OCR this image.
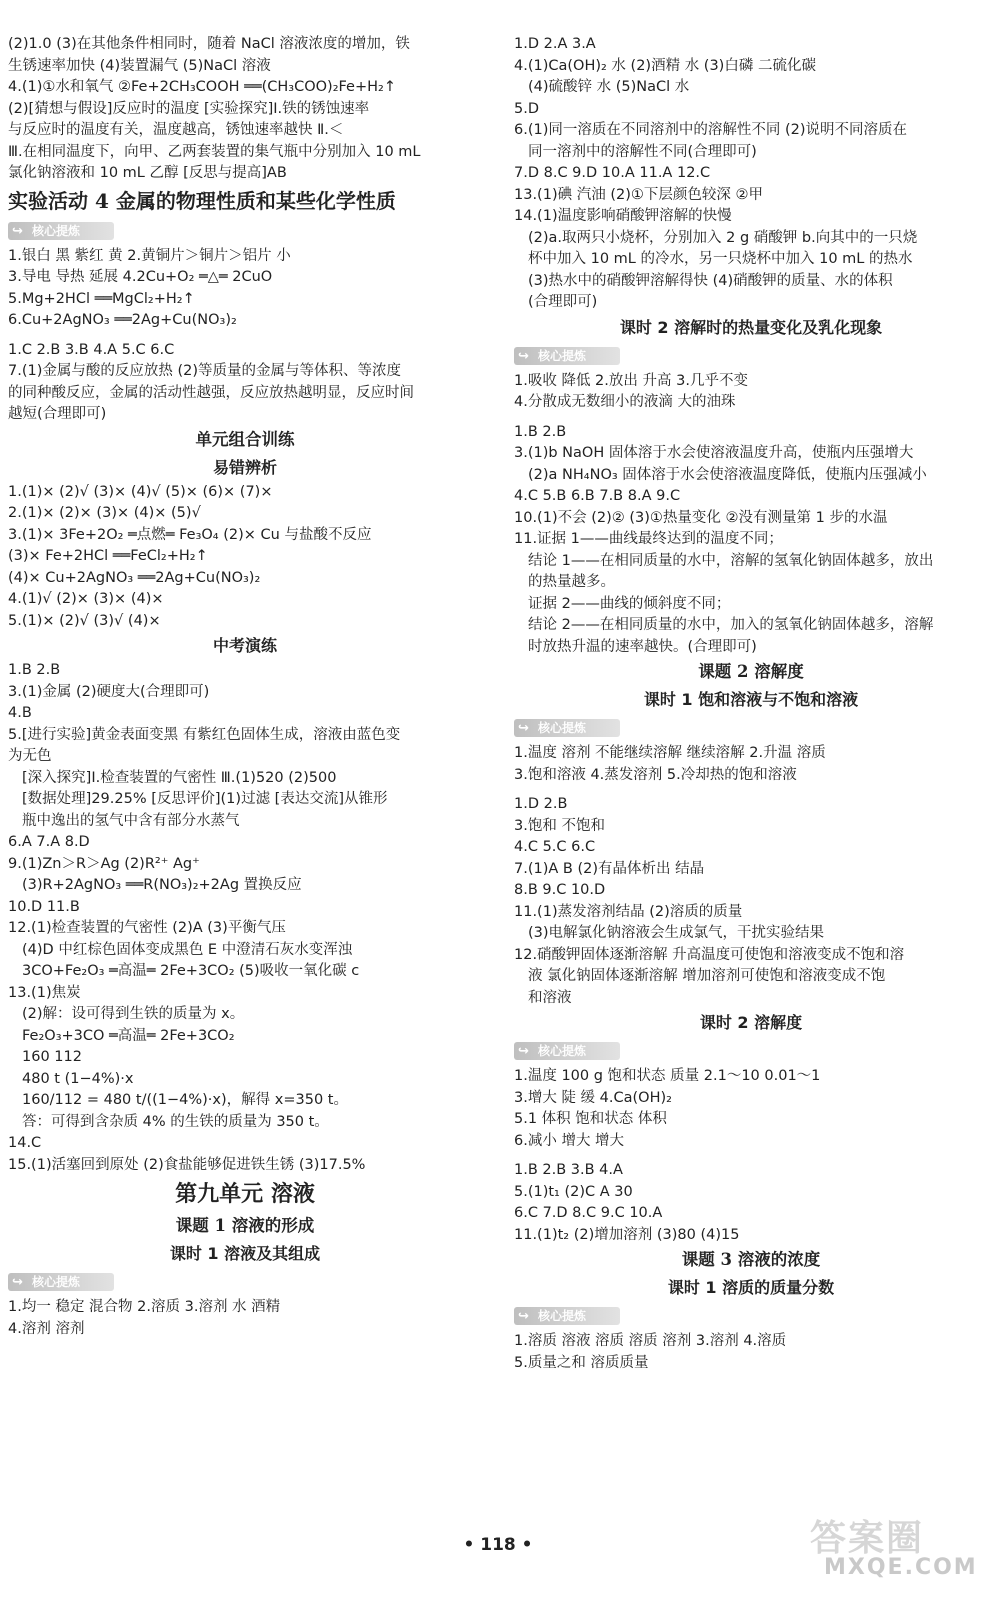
(2)1.0 (3)在其他条件相同时，随着 NaCl 溶液浓度的增加，铁
生锈速率加快 (4)装置漏气 (5)NaCl 溶液
4.(1)①水和氧气 ②Fe+2CH₃COOH ══(CH₃COO)₂Fe+H₂↑
(2)[猜想与假设]反应时的温度 [实验探究]Ⅰ.铁的锈蚀速率
与反应时的温度有关，温度越高，锈蚀速率越快 Ⅱ.＜
Ⅲ.在相同温度下，向甲、乙两套装置的集气瓶中分别加入 10 mL
氯化钠溶液和 10 mL 乙醇 [反思与提高]AB
实验活动 4 金属的物理性质和某些化学性质
↪ 核心提炼
1.银白 黑 紫红 黄 2.黄铜片＞铜片＞铝片 小
3.导电 导热 延展 4.2Cu+O₂ ═△═ 2CuO
5.Mg+2HCl ══MgCl₂+H₂↑
6.Cu+2AgNO₃ ══2Ag+Cu(NO₃)₂
1.C 2.B 3.B 4.A 5.C 6.C
7.(1)金属与酸的反应放热 (2)等质量的金属与等体积、等浓度
的同种酸反应，金属的活动性越强，反应放热越明显，反应时间
越短(合理即可)
单元组合训练
易错辨析
1.(1)× (2)√ (3)× (4)√ (5)× (6)× (7)×
2.(1)× (2)× (3)× (4)× (5)√
3.(1)× 3Fe+2O₂ ═点燃═ Fe₃O₄ (2)× Cu 与盐酸不反应
(3)× Fe+2HCl ══FeCl₂+H₂↑
(4)× Cu+2AgNO₃ ══2Ag+Cu(NO₃)₂
4.(1)√ (2)× (3)× (4)×
5.(1)× (2)√ (3)√ (4)×
中考演练
1.B 2.B
3.(1)金属 (2)硬度大(合理即可)
4.B
5.[进行实验]黄金表面变黑 有紫红色固体生成，溶液由蓝色变
为无色
[深入探究]Ⅰ.检查装置的气密性 Ⅲ.(1)520 (2)500
[数据处理]29.25% [反思评价](1)过滤 [表达交流]从锥形
瓶中逸出的氢气中含有部分水蒸气
6.A 7.A 8.D
9.(1)Zn＞R＞Ag (2)R²⁺ Ag⁺
(3)R+2AgNO₃ ══R(NO₃)₂+2Ag 置换反应
10.D 11.B
12.(1)检查装置的气密性 (2)A (3)平衡气压
(4)D 中红棕色固体变成黑色 E 中澄清石灰水变浑浊
3CO+Fe₂O₃ ═高温═ 2Fe+3CO₂ (5)吸收一氧化碳 c
13.(1)焦炭
(2)解：设可得到生铁的质量为 x。
Fe₂O₃+3CO ═高温═ 2Fe+3CO₂
160 112
480 t (1−4%)·x
160/112 = 480 t/((1−4%)·x)，解得 x=350 t。
答：可得到含杂质 4% 的生铁的质量为 350 t。
14.C
15.(1)活塞回到原处 (2)食盐能够促进铁生锈 (3)17.5%
第九单元 溶液
课题 1 溶液的形成
课时 1 溶液及其组成
↪ 核心提炼
1.均一 稳定 混合物 2.溶质 3.溶剂 水 酒精
4.溶剂 溶剂
1.D 2.A 3.A
4.(1)Ca(OH)₂ 水 (2)酒精 水 (3)白磷 二硫化碳
(4)硫酸锌 水 (5)NaCl 水
5.D
6.(1)同一溶质在不同溶剂中的溶解性不同 (2)说明不同溶质在
同一溶剂中的溶解性不同(合理即可)
7.D 8.C 9.D 10.A 11.A 12.C
13.(1)碘 汽油 (2)①下层颜色较深 ②甲
14.(1)温度影响硝酸钾溶解的快慢
(2)a.取两只小烧杯，分别加入 2 g 硝酸钾 b.向其中的一只烧
杯中加入 10 mL 的冷水，另一只烧杯中加入 10 mL 的热水
(3)热水中的硝酸钾溶解得快 (4)硝酸钾的质量、水的体积
(合理即可)
课时 2 溶解时的热量变化及乳化现象
↪ 核心提炼
1.吸收 降低 2.放出 升高 3.几乎不变
4.分散成无数细小的液滴 大的油珠
1.B 2.B
3.(1)b NaOH 固体溶于水会使溶液温度升高，使瓶内压强增大
(2)a NH₄NO₃ 固体溶于水会使溶液温度降低，使瓶内压强减小
4.C 5.B 6.B 7.B 8.A 9.C
10.(1)不会 (2)② (3)①热量变化 ②没有测量第 1 步的水温
11.证据 1——曲线最终达到的温度不同；
结论 1——在相同质量的水中，溶解的氢氧化钠固体越多，放出
的热量越多。
证据 2——曲线的倾斜度不同；
结论 2——在相同质量的水中，加入的氢氧化钠固体越多，溶解
时放热升温的速率越快。(合理即可)
课题 2 溶解度
课时 1 饱和溶液与不饱和溶液
↪ 核心提炼
1.温度 溶剂 不能继续溶解 继续溶解 2.升温 溶质
3.饱和溶液 4.蒸发溶剂 5.冷却热的饱和溶液
1.D 2.B
3.饱和 不饱和
4.C 5.C 6.C
7.(1)A B (2)有晶体析出 结晶
8.B 9.C 10.D
11.(1)蒸发溶剂结晶 (2)溶质的质量
(3)电解氯化钠溶液会生成氯气，干扰实验结果
12.硝酸钾固体逐渐溶解 升高温度可使饱和溶液变成不饱和溶
液 氯化钠固体逐渐溶解 增加溶剂可使饱和溶液变成不饱
和溶液
课时 2 溶解度
↪ 核心提炼
1.温度 100 g 饱和状态 质量 2.1～10 0.01～1
3.增大 陡 缓 4.Ca(OH)₂
5.1 体积 饱和状态 体积
6.减小 增大 增大
1.B 2.B 3.B 4.A
5.(1)t₁ (2)C A 30
6.C 7.D 8.C 9.C 10.A
11.(1)t₂ (2)增加溶剂 (3)80 (4)15
课题 3 溶液的浓度
课时 1 溶质的质量分数
↪ 核心提炼
1.溶质 溶液 溶质 溶质 溶剂 3.溶剂 4.溶质
5.质量之和 溶质质量
• 118 •	答案圈
MXQE.COM
